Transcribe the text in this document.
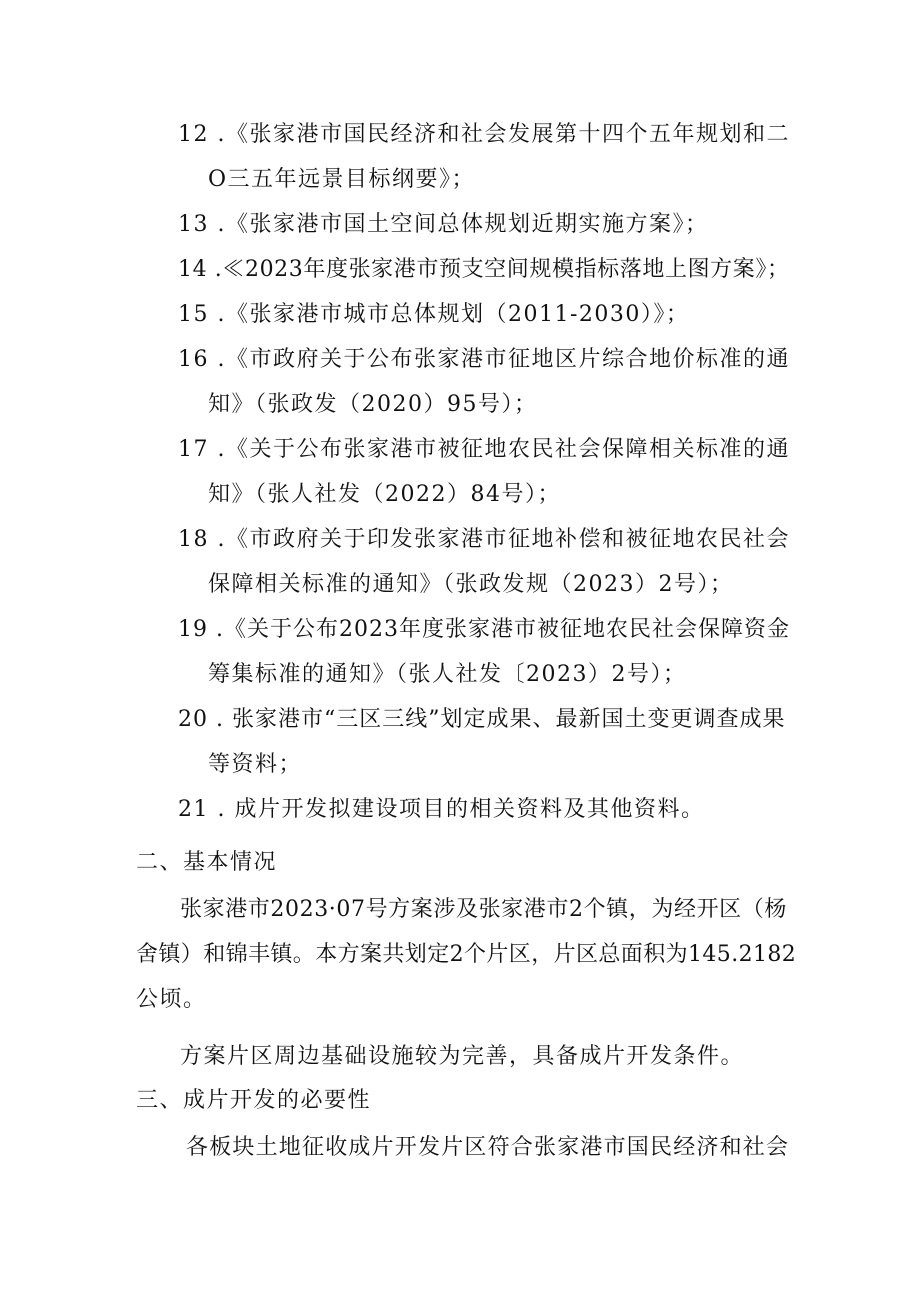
12 .《张家港市国民经济和社会发展第十四个五年规划和二
O三五年远景目标纲要》；
13 .《张家港市国土空间总体规划近期实施方案》；
14 .≪2023年度张家港市预支空间规模指标落地上图方案》；
15 .《张家港市城市总体规划（2011-2030）》；
16 .《市政府关于公布张家港市征地区片综合地价标准的通
知》（张政发（2020）95号）；
17 .《关于公布张家港市被征地农民社会保障相关标准的通
知》（张人社发（2022）84号）；
18 .《市政府关于印发张家港市征地补偿和被征地农民社会
保障相关标准的通知》（张政发规（2023）2号）；
19 .《关于公布2023年度张家港市被征地农民社会保障资金
筹集标准的通知》（张人社发〔2023）2号）；
20 . 张家港市“三区三线”划定成果、最新国土变更调查成果
等资料；
21 . 成片开发拟建设项目的相关资料及其他资料。
二、基本情况
张家港市2023·07号方案涉及张家港市2个镇，为经开区（杨
舍镇）和锦丰镇。本方案共划定2个片区，片区总面积为145.2182
公顷。
方案片区周边基础设施较为完善，具备成片开发条件。
三、成片开发的必要性
各板块土地征收成片开发片区符合张家港市国民经济和社会
